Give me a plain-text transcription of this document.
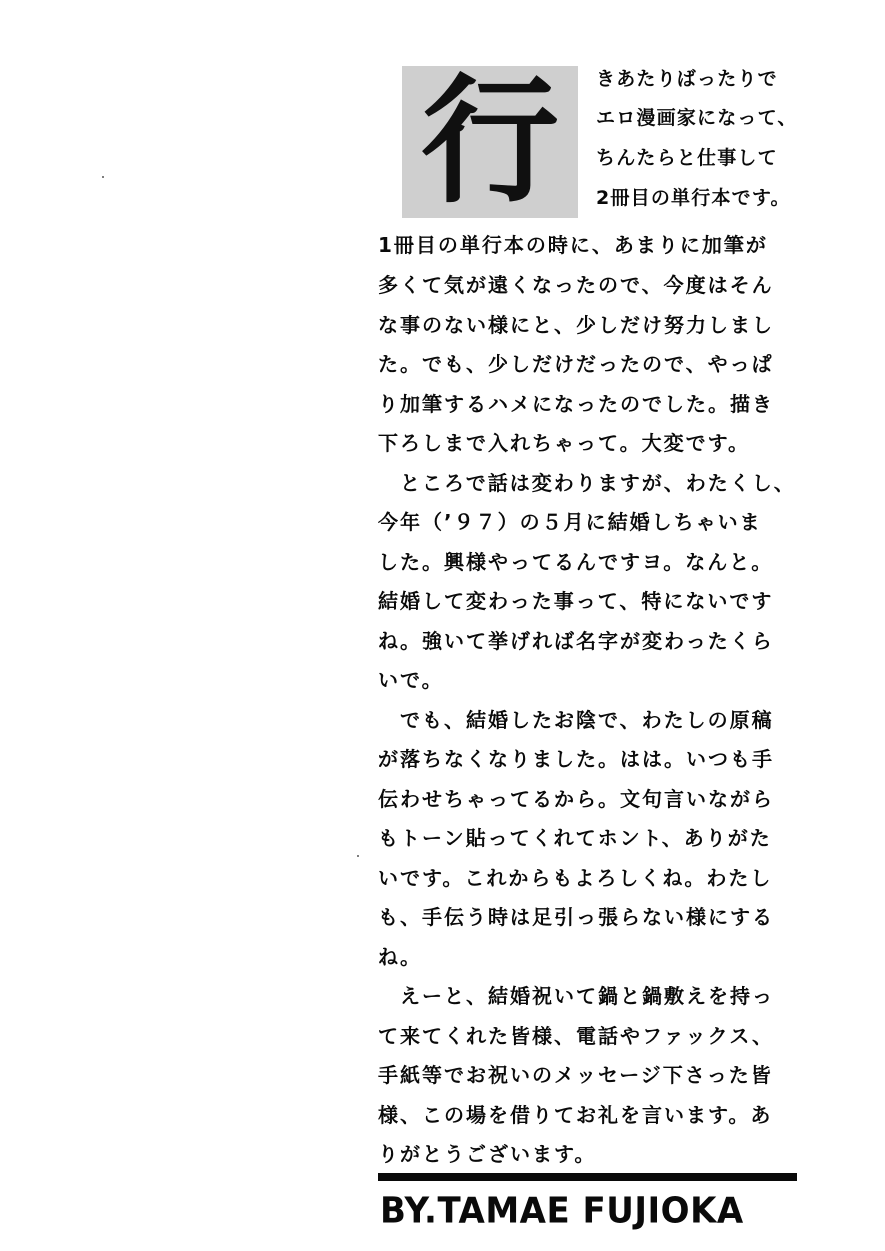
行 きあたりばったりで
エロ漫画家になって、
ちんたらと仕事して
2冊目の単行本です。
1冊目の単行本の時に、あまりに加筆が
多くて気が遠くなったので、今度はそん
な事のない様にと、少しだけ努力しまし
た。でも、少しだけだったので、やっぱ
り加筆するハメになったのでした。描き
下ろしまで入れちゃって。大変です。
　ところで話は変わりますが、わたくし、
今年（’９７）の５月に結婚しちゃいま
した。興様やってるんですヨ。なんと。
結婚して変わった事って、特にないです
ね。強いて挙げれば名字が変わったくら
いで。
　でも、結婚したお陰で、わたしの原稿
が落ちなくなりました。はは。いつも手
伝わせちゃってるから。文句言いながら
もトーン貼ってくれてホント、ありがた
いです。これからもよろしくね。わたし
も、手伝う時は足引っ張らない様にする
ね。
　えーと、結婚祝いて鍋と鍋敷えを持っ
て来てくれた皆様、電話やファックス、
手紙等でお祝いのメッセージ下さった皆
様、この場を借りてお礼を言います。あ
りがとうございます。
BY.TAMAE FUJIOKA
